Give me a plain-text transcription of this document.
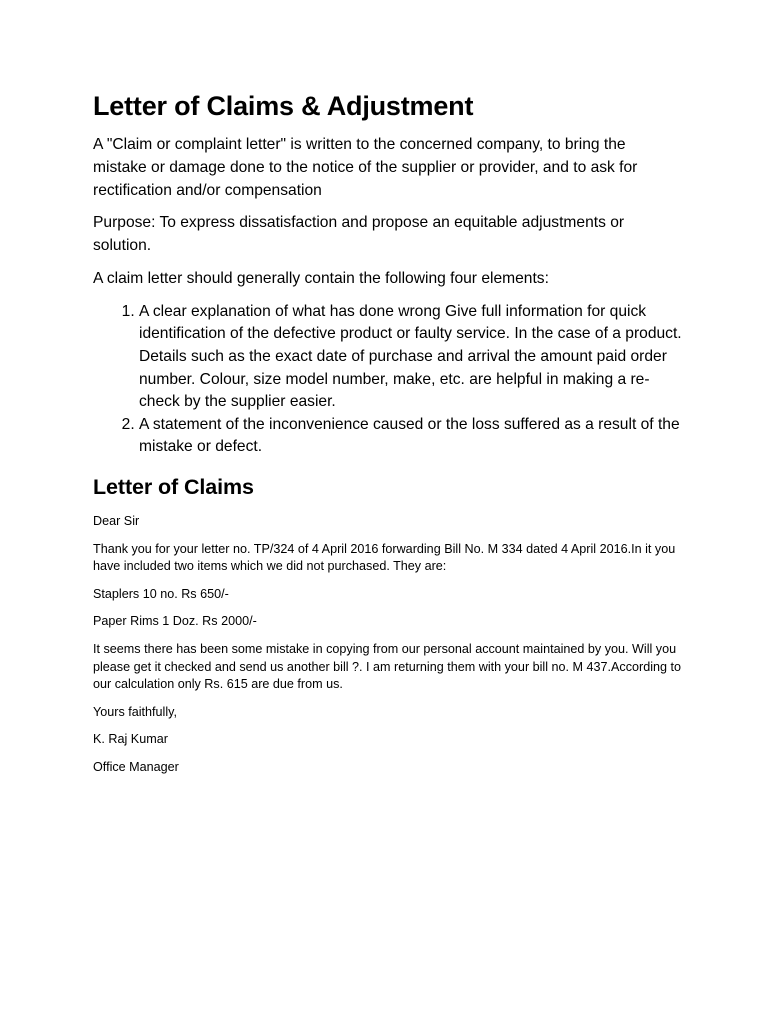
Letter of Claims & Adjustment

A "Claim or complaint letter" is written to the concerned company, to bring the mistake or damage done to the notice of the supplier or provider, and to ask for rectification and/or compensation

Purpose: To express dissatisfaction and propose an equitable adjustments or solution.

A claim letter should generally contain the following four elements:

1. A clear explanation of what has done wrong Give full information for quick identification of the defective product or faulty service. In the case of a product. Details such as the exact date of purchase and arrival the amount paid order number. Colour, size model number, make, etc. are helpful in making a re-check by the supplier easier.
2. A statement of the inconvenience caused or the loss suffered as a result of the mistake or defect.
Letter of Claims

Dear Sir

Thank you for your letter no. TP/324 of 4 April 2016 forwarding Bill No. M 334 dated 4 April 2016.In it you have included two items which we did not purchased. They are:

Staplers 10 no. Rs 650/-

Paper Rims 1 Doz. Rs 2000/-

It seems there has been some mistake in copying from our personal account maintained by you. Will you please get it checked and send us another bill ?. I am returning them with your bill no. M 437.According to our calculation only Rs. 615 are due from us.

Yours faithfully,

K. Raj Kumar

Office Manager
